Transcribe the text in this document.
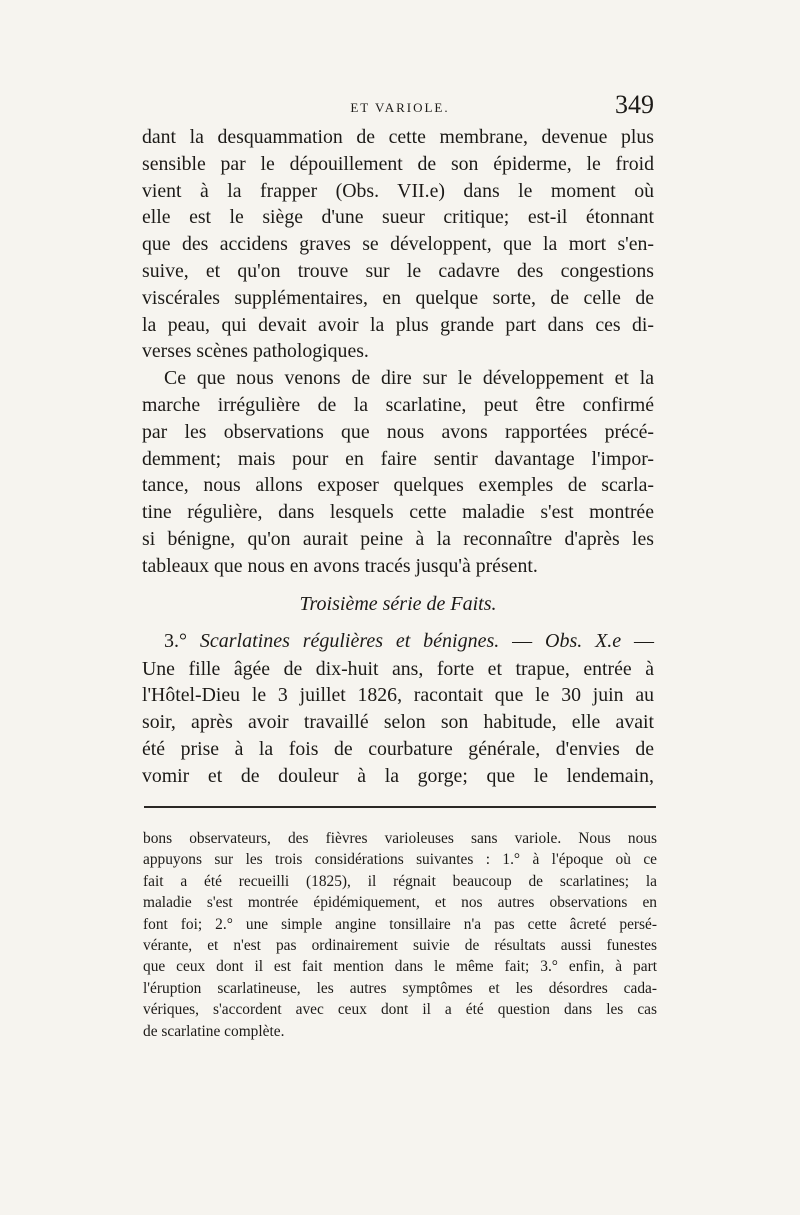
ET VARIOLE.	349
dant la desquammation de cette membrane, devenue plus
sensible par le dépouillement de son épiderme, le froid
vient à la frapper (Obs. VII.e) dans le moment où
elle est le siège d'une sueur critique; est-il étonnant
que des accidens graves se développent, que la mort s'en-
suive, et qu'on trouve sur le cadavre des congestions
viscérales supplémentaires, en quelque sorte, de celle de
la peau, qui devait avoir la plus grande part dans ces di-
verses scènes pathologiques.
Ce que nous venons de dire sur le développement et la
marche irrégulière de la scarlatine, peut être confirmé
par les observations que nous avons rapportées précé-
demment; mais pour en faire sentir davantage l'impor-
tance, nous allons exposer quelques exemples de scarla-
tine régulière, dans lesquels cette maladie s'est montrée
si bénigne, qu'on aurait peine à la reconnaître d'après les
tableaux que nous en avons tracés jusqu'à présent.
Troisième série de Faits.
3.° Scarlatines régulières et bénignes. — Obs. X.e —
Une fille âgée de dix-huit ans, forte et trapue, entrée à
l'Hôtel-Dieu le 3 juillet 1826, racontait que le 30 juin au
soir, après avoir travaillé selon son habitude, elle avait
été prise à la fois de courbature générale, d'envies de
vomir et de douleur à la gorge; que le lendemain,
bons observateurs, des fièvres varioleuses sans variole. Nous nous
appuyons sur les trois considérations suivantes : 1.° à l'époque où ce
fait a été recueilli (1825), il régnait beaucoup de scarlatines; la
maladie s'est montrée épidémiquement, et nos autres observations en
font foi; 2.° une simple angine tonsillaire n'a pas cette âcreté persé-
vérante, et n'est pas ordinairement suivie de résultats aussi funestes
que ceux dont il est fait mention dans le même fait; 3.° enfin, à part
l'éruption scarlatineuse, les autres symptômes et les désordres cada-
vériques, s'accordent avec ceux dont il a été question dans les cas
de scarlatine complète.
